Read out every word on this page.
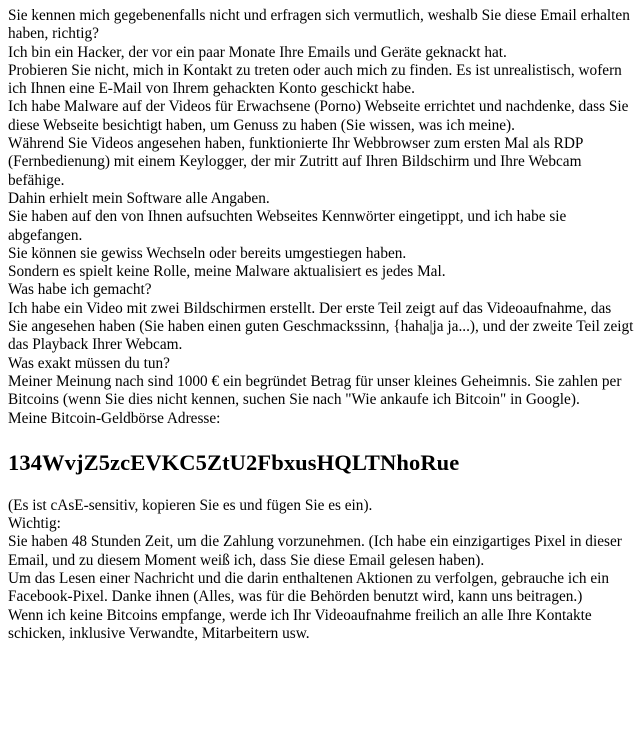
Sie kennen mich gegebenenfalls nicht und erfragen sich vermutlich, weshalb Sie diese Email erhalten haben, richtig?

Ich bin ein Hacker, der vor ein paar Monate Ihre Emails und Geräte geknackt hat.

Probieren Sie nicht, mich in Kontakt zu treten oder auch mich zu finden. Es ist unrealistisch, wofern ich Ihnen eine E-Mail von Ihrem gehackten Konto geschickt habe.

Ich habe Malware auf der Videos für Erwachsene (Porno) Webseite errichtet und nachdenke, dass Sie diese Webseite besichtigt haben, um Genuss zu haben (Sie wissen, was ich meine).

Während Sie Videos angesehen haben, funktionierte Ihr Webbrowser zum ersten Mal als RDP (Fernbedienung) mit einem Keylogger, der mir Zutritt auf Ihren Bildschirm und Ihre Webcam befähige.

Dahin erhielt mein Software alle Angaben.

Sie haben auf den von Ihnen aufsuchten Webseites Kennwörter eingetippt, und ich habe sie abgefangen.

Sie können sie gewiss Wechseln oder bereits umgestiegen haben.

Sondern es spielt keine Rolle, meine Malware aktualisiert es jedes Mal.

Was habe ich gemacht?

Ich habe ein Video mit zwei Bildschirmen erstellt. Der erste Teil zeigt auf das Videoaufnahme, das Sie angesehen haben (Sie haben einen guten Geschmackssinn, {haha|ja ja...), und der zweite Teil zeigt das Playback Ihrer Webcam.

Was exakt müssen du tun?

Meiner Meinung nach sind 1000 € ein begründet Betrag für unser kleines Geheimnis. Sie zahlen per Bitcoins (wenn Sie dies nicht kennen, suchen Sie nach "Wie ankaufe ich Bitcoin" in Google).

Meine Bitcoin-Geldbörse Adresse:

134WvjZ5zcEVKC5ZtU2FbxusHQLTNhoRue

(Es ist cAsE-sensitiv, kopieren Sie es und fügen Sie es ein).

Wichtig:

Sie haben 48 Stunden Zeit, um die Zahlung vorzunehmen. (Ich habe ein einzigartiges Pixel in dieser Email, und zu diesem Moment weiß ich, dass Sie diese Email gelesen haben).

Um das Lesen einer Nachricht und die darin enthaltenen Aktionen zu verfolgen, gebrauche ich ein Facebook-Pixel. Danke ihnen (Alles, was für die Behörden benutzt wird, kann uns beitragen.)

Wenn ich keine Bitcoins empfange, werde ich Ihr Videoaufnahme freilich an alle Ihre Kontakte schicken, inklusive Verwandte, Mitarbeitern usw.
